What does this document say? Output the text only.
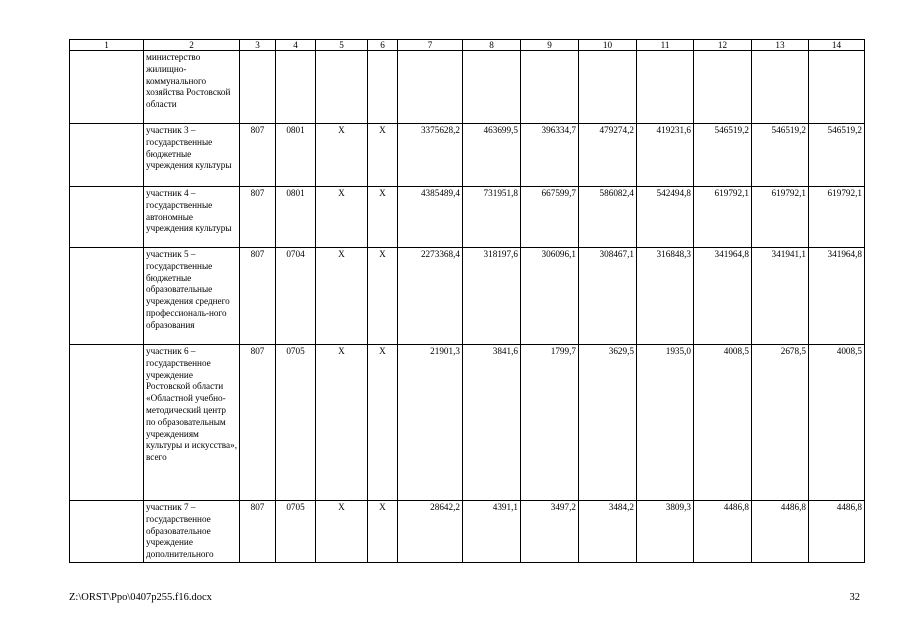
1	2	3	4	5	6	7	8	9	10	11	12	13	14
	министерство жилищно-коммунального хозяйства Ростовской области												
	участник 3 – государственные бюджетные учреждения культуры	807	0801	Х	Х	3375628,2	463699,5	396334,7	479274,2	419231,6	546519,2	546519,2	546519,2
	участник 4 – государственные автономные учреждения культуры	807	0801	Х	Х	4385489,4	731951,8	667599,7	586082,4	542494,8	619792,1	619792,1	619792,1
	участник 5 – государственные бюджетные образовательные учреждения среднего профессиональ-ного образования	807	0704	Х	Х	2273368,4	318197,6	306096,1	308467,1	316848,3	341964,8	341941,1	341964,8
	участник 6 – государственное учреждение Ростовской области «Областной учебно-методический центр по образовательным учреждениям культуры и искусства», всего	807	0705	Х	Х	21901,3	3841,6	1799,7	3629,5	1935,0	4008,5	2678,5	4008,5
	участник 7 – государственное образовательное учреждение дополнительного	807	0705	Х	Х	28642,2	4391,1	3497,2	3484,2	3809,3	4486,8	4486,8	4486,8
Z:\ORST\Ppo\0407p255.f16.docx	32
